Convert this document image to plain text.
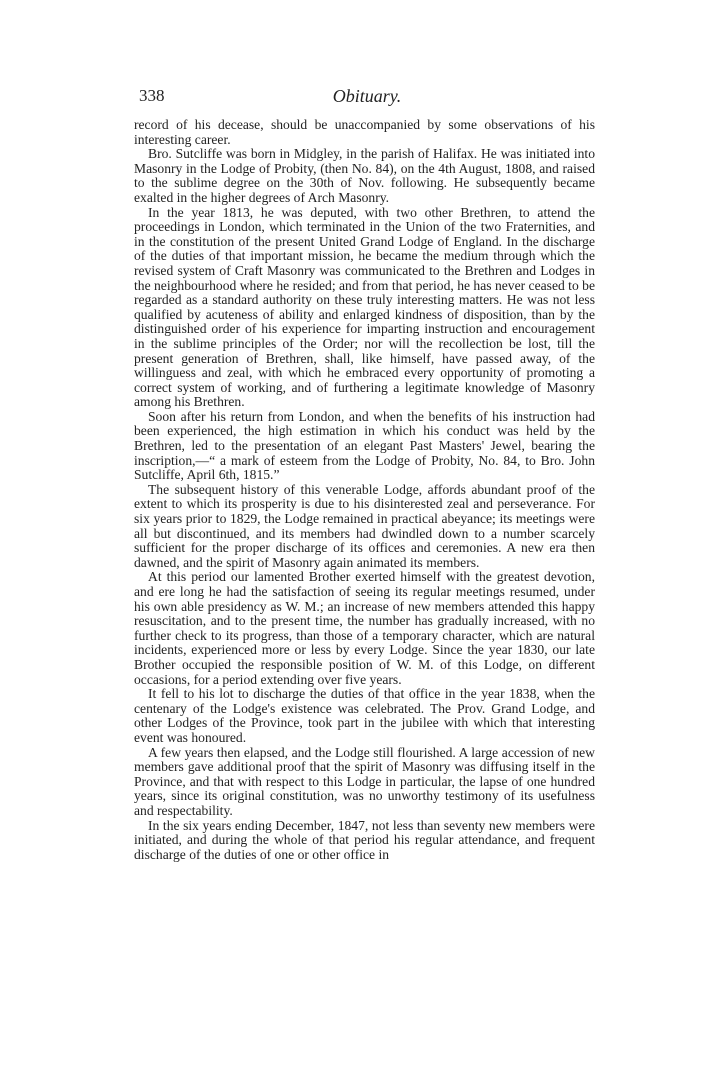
338	Obituary.

record of his decease, should be unaccompanied by some observations of his interesting career.

Bro. Sutcliffe was born in Midgley, in the parish of Halifax. He was initiated into Masonry in the Lodge of Probity, (then No. 84), on the 4th August, 1808, and raised to the sublime degree on the 30th of Nov. following. He subsequently became exalted in the higher degrees of Arch Masonry.

In the year 1813, he was deputed, with two other Brethren, to attend the proceedings in London, which terminated in the Union of the two Fraternities, and in the constitution of the present United Grand Lodge of England. In the discharge of the duties of that important mission, he became the medium through which the revised system of Craft Masonry was communicated to the Brethren and Lodges in the neighbourhood where he resided; and from that period, he has never ceased to be regarded as a standard authority on these truly interesting matters. He was not less qualified by acuteness of ability and enlarged kindness of disposition, than by the distinguished order of his experience for imparting instruction and encouragement in the sublime principles of the Order; nor will the recollection be lost, till the present generation of Brethren, shall, like himself, have passed away, of the willinguess and zeal, with which he embraced every opportunity of promoting a correct system of working, and of furthering a legitimate knowledge of Masonry among his Brethren.

Soon after his return from London, and when the benefits of his instruction had been experienced, the high estimation in which his conduct was held by the Brethren, led to the presentation of an elegant Past Masters' Jewel, bearing the inscription,—“ a mark of esteem from the Lodge of Probity, No. 84, to Bro. John Sutcliffe, April 6th, 1815.”

The subsequent history of this venerable Lodge, affords abundant proof of the extent to which its prosperity is due to his disinterested zeal and perseverance. For six years prior to 1829, the Lodge remained in practical abeyance; its meetings were all but discontinued, and its members had dwindled down to a number scarcely sufficient for the proper discharge of its offices and ceremonies. A new era then dawned, and the spirit of Masonry again animated its members.

At this period our lamented Brother exerted himself with the greatest devotion, and ere long he had the satisfaction of seeing its regular meetings resumed, under his own able presidency as W. M.; an increase of new members attended this happy resuscitation, and to the present time, the number has gradually increased, with no further check to its progress, than those of a temporary character, which are natural incidents, experienced more or less by every Lodge. Since the year 1830, our late Brother occupied the responsible position of W. M. of this Lodge, on different occasions, for a period extending over five years.

It fell to his lot to discharge the duties of that office in the year 1838, when the centenary of the Lodge's existence was celebrated. The Prov. Grand Lodge, and other Lodges of the Province, took part in the jubilee with which that interesting event was honoured.

A few years then elapsed, and the Lodge still flourished. A large accession of new members gave additional proof that the spirit of Masonry was diffusing itself in the Province, and that with respect to this Lodge in particular, the lapse of one hundred years, since its original constitution, was no unworthy testimony of its usefulness and respectability.

In the six years ending December, 1847, not less than seventy new members were initiated, and during the whole of that period his regular attendance, and frequent discharge of the duties of one or other office in
